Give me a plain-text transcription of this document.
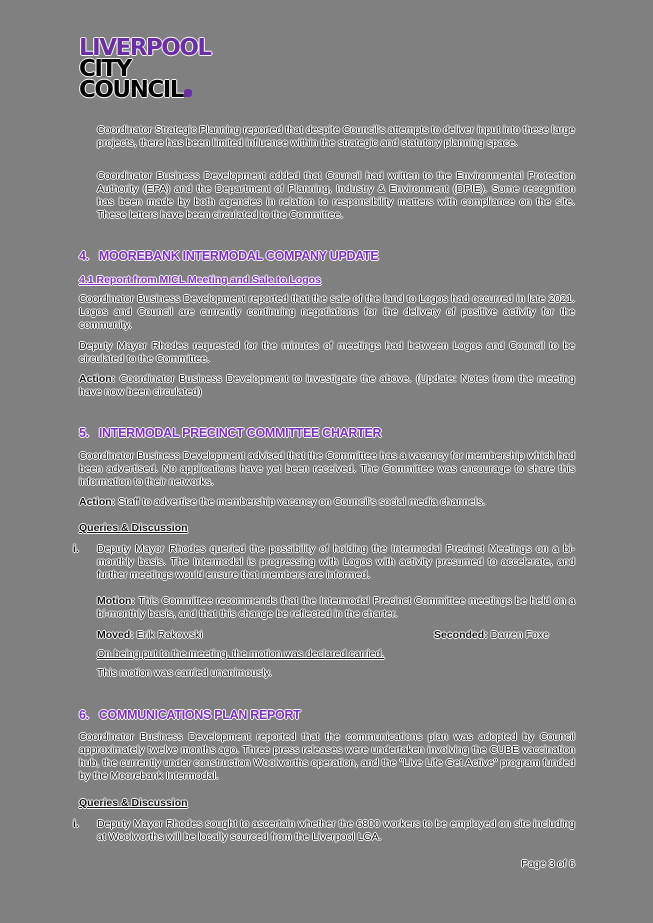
LIVERPOOL
CITY
COUNCIL
Coordinator Strategic Planning reported that despite Council's attempts to deliver input into these large projects, there has been limited influence within the strategic and statutory planning space.
Coordinator Business Development added that Council had written to the Environmental Protection Authority (EPA) and the Department of Planning, Industry & Environment (DPIE). Some recognition has been made by both agencies in relation to responsibility matters with compliance on the site. These letters have been circulated to the Committee.
4. MOOREBANK INTERMODAL COMPANY UPDATE
4.1 Report from MICL Meeting and Sale to Logos
Coordinator Business Development reported that the sale of the land to Logos had occurred in late 2021. Logos and Council are currently continuing negotiations for the delivery of positive activity for the community.
Deputy Mayor Rhodes requested for the minutes of meetings had between Logos and Council to be circulated to the Committee.
Action: Coordinator Business Development to investigate the above. (Update: Notes from the meeting have now been circulated)
5. INTERMODAL PRECINCT COMMITTEE CHARTER
Coordinator Business Development advised that the Committee has a vacancy for membership which had been advertised. No applications have yet been received. The Committee was encourage to share this information to their networks.
Action: Staff to advertise the membership vacancy on Council's social media channels.
Queries & Discussion
i. Deputy Mayor Rhodes queried the possibility of holding the Intermodal Precinct Meetings on a bi-monthly basis. The Intermodal is progressing with Logos with activity presumed to accelerate, and further meetings would ensure that members are informed.
Motion: This Committee recommends that the Intermodal Precinct Committee meetings be held on a bi-monthly basis, and that this change be reflected in the charter.
Moved: Erik Rakowski	Seconded: Darren Foxe
On being put to the meeting, the motion was declared carried.
This motion was carried unanimously.
6. COMMUNICATIONS PLAN REPORT
Coordinator Business Development reported that the communications plan was adopted by Council approximately twelve months ago. Three press releases were undertaken involving the CUBE vaccination hub, the currently under construction Woolworths operation, and the "Live Life Get Active" program funded by the Moorebank Intermodal.
Queries & Discussion
i. Deputy Mayor Rhodes sought to ascertain whether the 6800 workers to be employed on site including at Woolworths will be locally sourced from the Liverpool LGA.
Page 3 of 6
